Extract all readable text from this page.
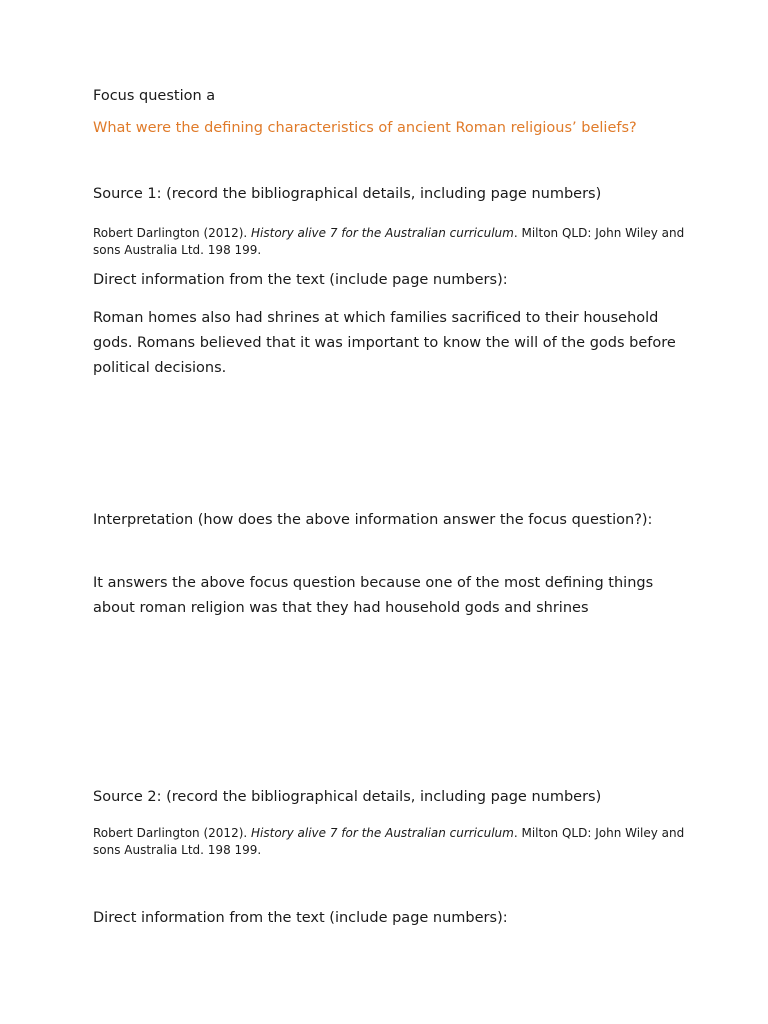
Focus question a

What were the defining characteristics of ancient Roman religious’ beliefs?

Source 1: (record the bibliographical details, including page numbers)

Robert Darlington (2012). History alive 7 for the Australian curriculum. Milton QLD: John Wiley and sons Australia Ltd. 198 199.

Direct information from the text (include page numbers):

Roman homes also had shrines at which families sacrificed to their household gods. Romans believed that it was important to know the will of the gods before political decisions.

Interpretation (how does the above information answer the focus question?):

It answers the above focus question because one of the most defining things about roman religion was that they had household gods and shrines

Source 2: (record the bibliographical details, including page numbers)

Robert Darlington (2012). History alive 7 for the Australian curriculum. Milton QLD: John Wiley and sons Australia Ltd. 198 199.

Direct information from the text (include page numbers):
